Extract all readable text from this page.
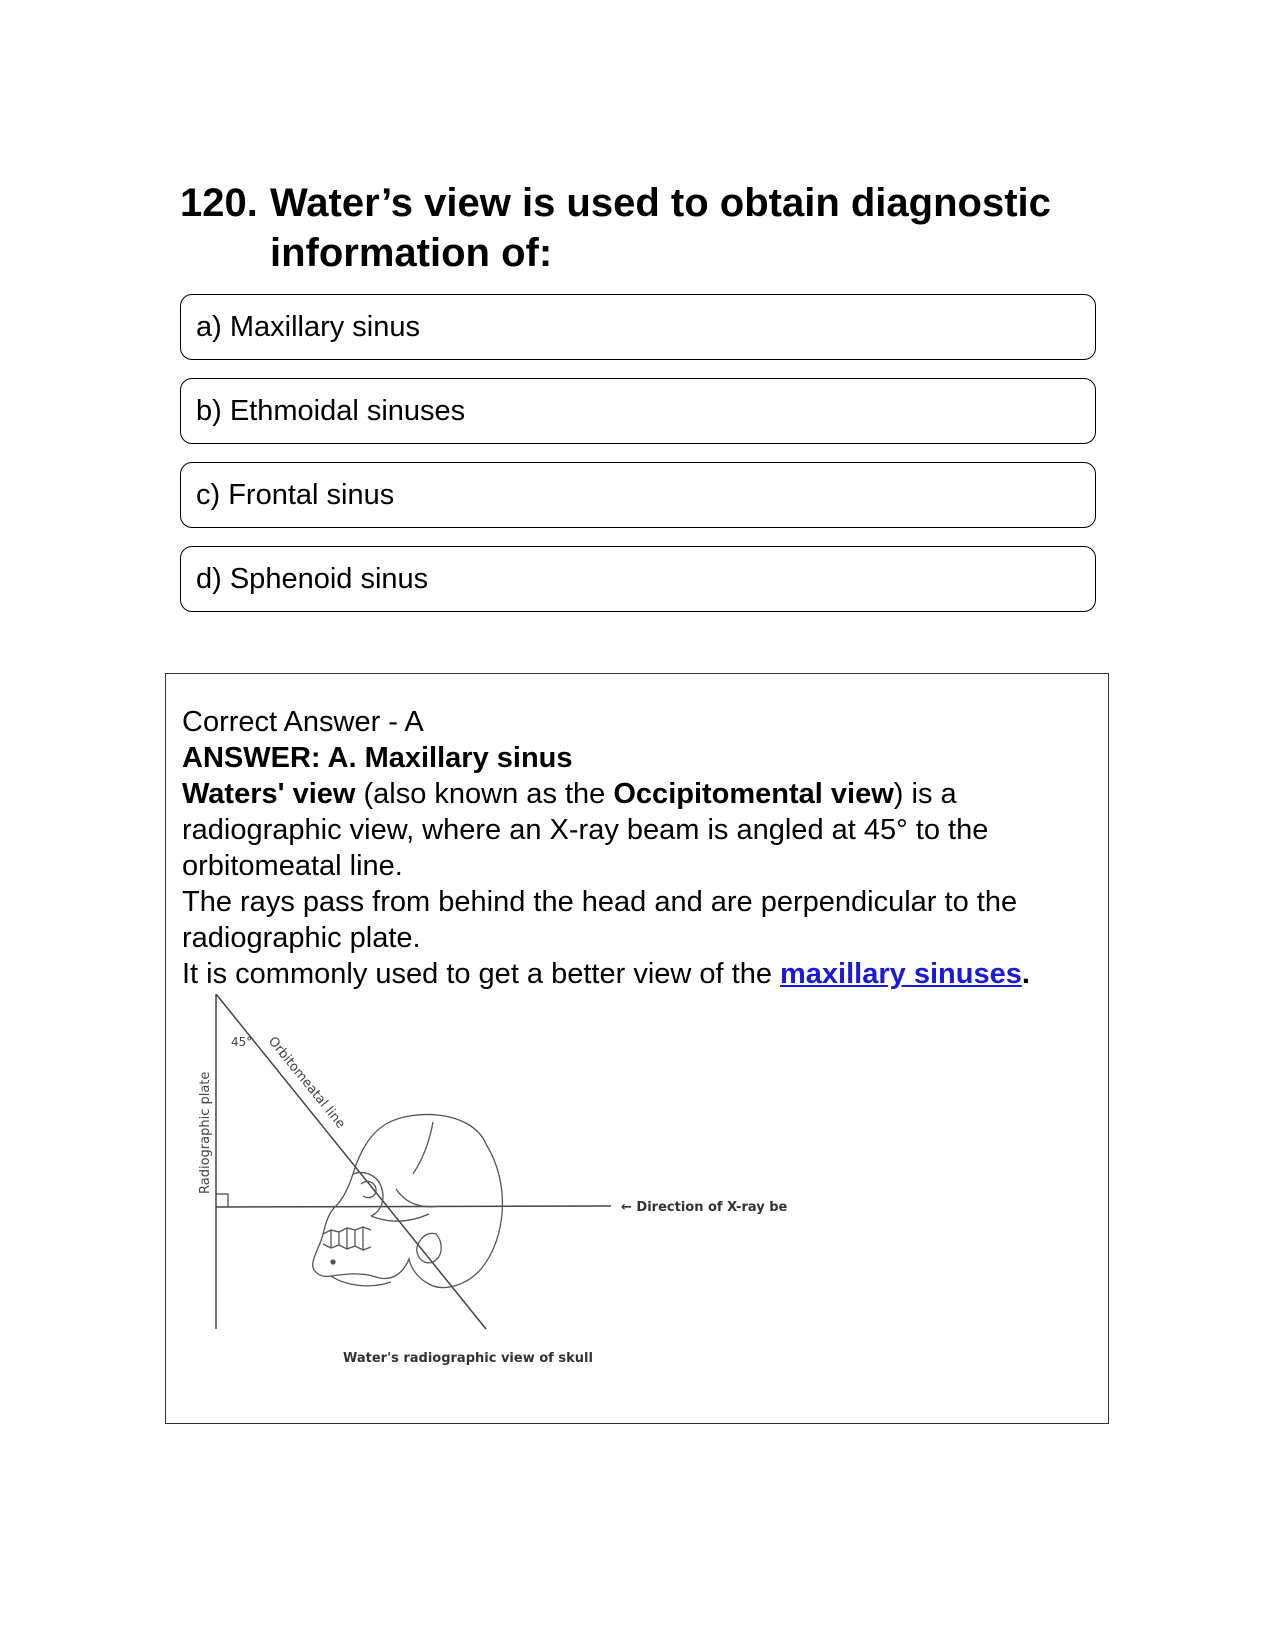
120. Water’s view is used to obtain diagnostic information of:
a) Maxillary sinus
b) Ethmoidal sinuses
c) Frontal sinus
d) Sphenoid sinus

Correct Answer - A

ANSWER: A. Maxillary sinus

Waters' view (also known as the Occipitomental view) is a radiographic view, where an X-ray beam is angled at 45° to the orbitomeatal line.

The rays pass from behind the head and are perpendicular to the radiographic plate.

It is commonly used to get a better view of the maxillary sinuses.

45° Orbitomeatal line
Radiographic plate
← Direction of X-ray be
Water's radiographic view of skull
